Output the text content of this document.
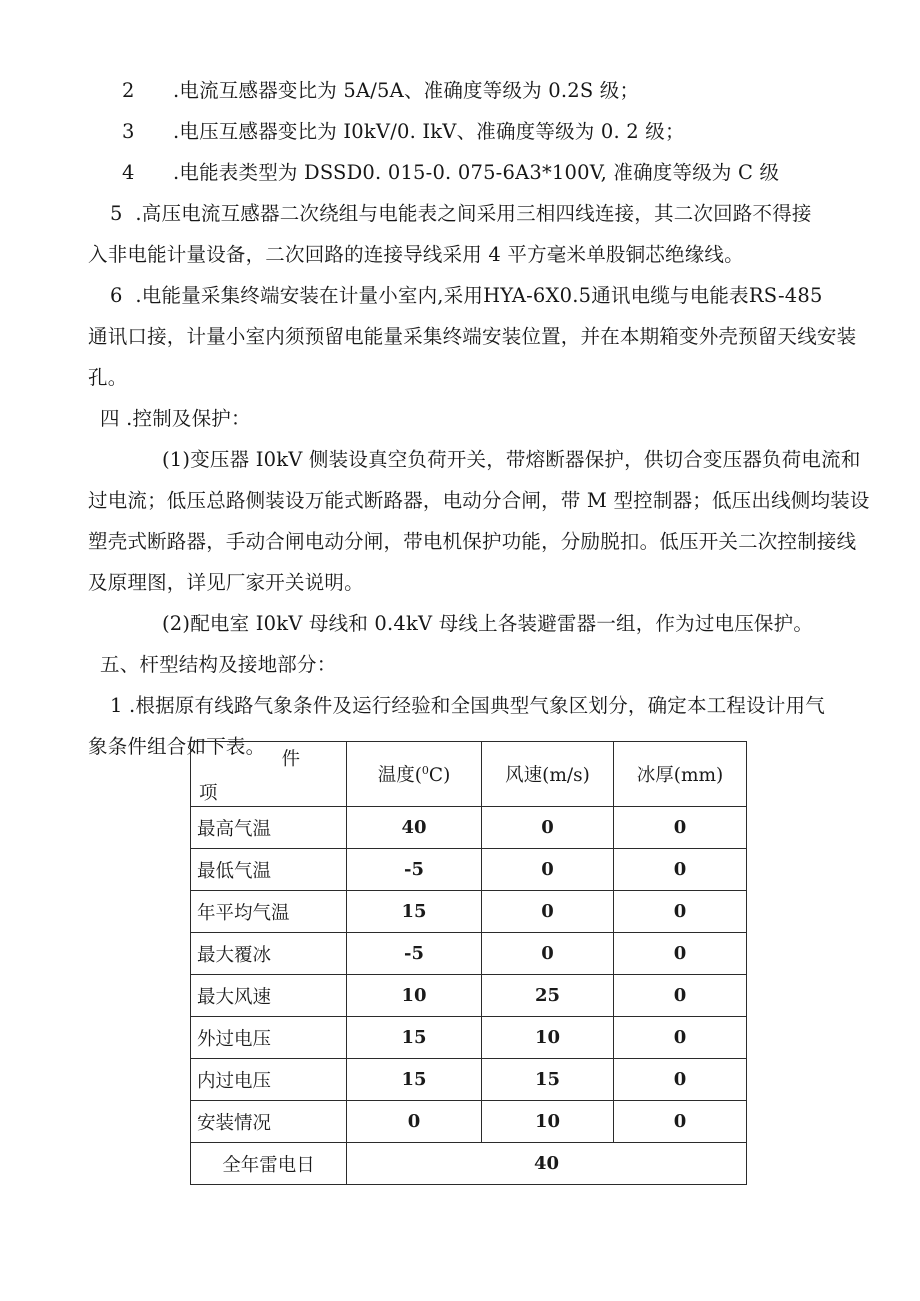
2      .电流互感器变比为 5A/5A、准确度等级为 0.2S 级；
3      .电压互感器变比为 I0kV/0. IkV、准确度等级为 0. 2 级；
4      .电能表类型为 DSSD0. 015-0. 075-6A3*100V, 准确度等级为 C 级
5  .高压电流互感器二次绕组与电能表之间采用三相四线连接，其二次回路不得接
入非电能计量设备，二次回路的连接导线采用 4 平方毫米单股铜芯绝缘线。
6  .电能量采集终端安装在计量小室内,采用HYA-6X0.5通讯电缆与电能表RS-485
通讯口接，计量小室内须预留电能量采集终端安装位置，并在本期箱变外壳预留天线安装
孔。
四 .控制及保护：
(1)变压器 I0kV 侧装设真空负荷开关，带熔断器保护，供切合变压器负荷电流和
过电流；低压总路侧装设万能式断路器，电动分合闸，带 M 型控制器；低压出线侧均装设
塑壳式断路器，手动合闸电动分闸，带电机保护功能，分励脱扣。低压开关二次控制接线
及原理图，详见厂家开关说明。
(2)配电室 I0kV 母线和 0.4kV 母线上各装避雷器一组，作为过电压保护。
五、杆型结构及接地部分：
1 .根据原有线路气象条件及运行经验和全国典型气象区划分，确定本工程设计用气
象条件组合如下表。
件
项	温度($^0$C)	风速(m/s)	冰厚(mm)
最高气温	40	0	0
最低气温	-5	0	0
年平均气温	15	0	0
最大覆冰	-5	0	0
最大风速	10	25	0
外过电压	15	10	0
内过电压	15	15	0
安装情况	0	10	0
全年雷电日	40		
